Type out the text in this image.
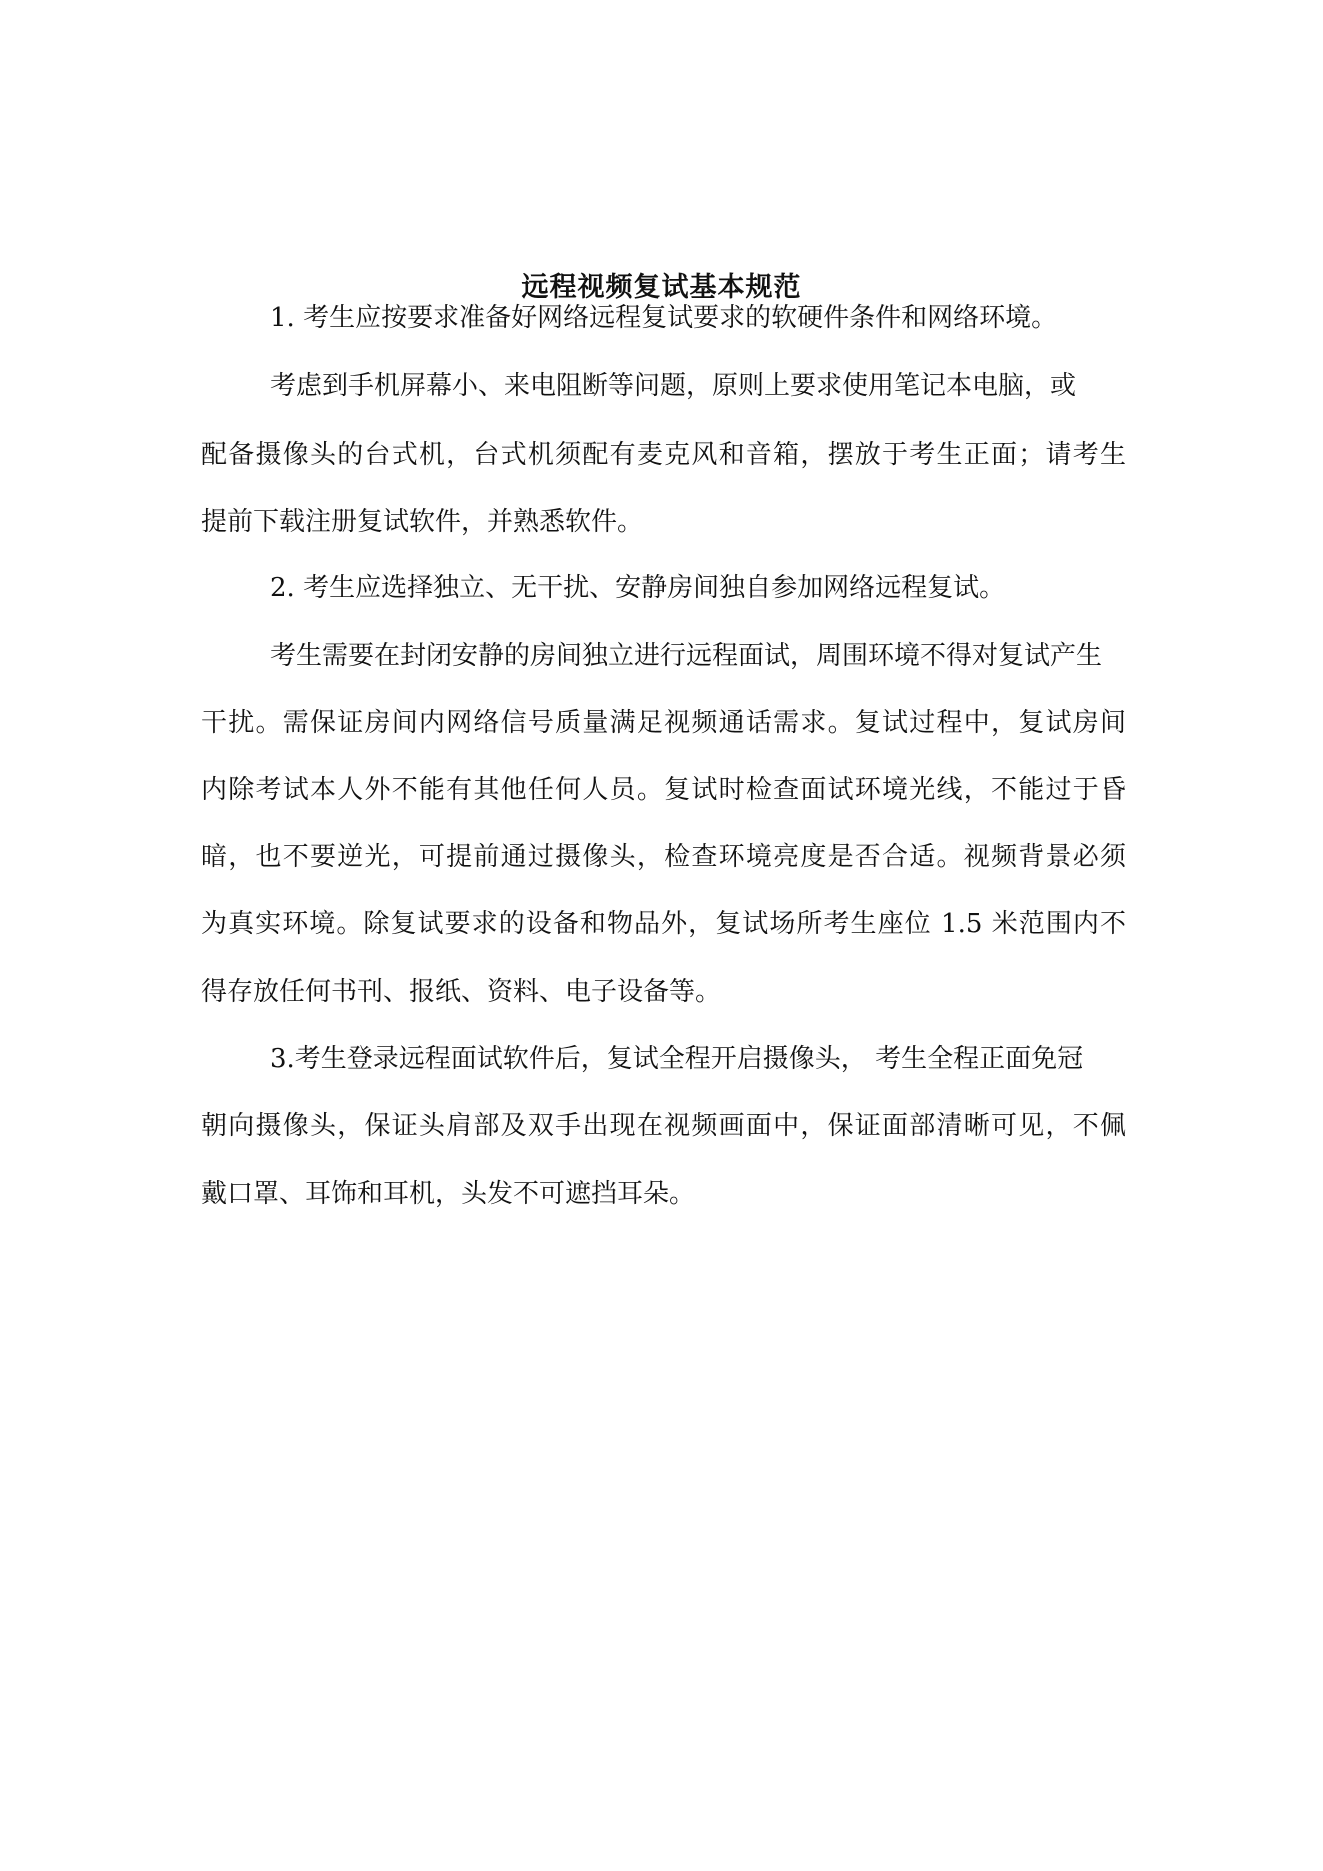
远程视频复试基本规范

1. 考生应按要求准备好网络远程复试要求的软硬件条件和网络环境。

考虑到手机屏幕小、来电阻断等问题，原则上要求使用笔记本电脑，或

配备摄像头的台式机，台式机须配有麦克风和音箱，摆放于考生正面；请考生

提前下载注册复试软件，并熟悉软件。

2. 考生应选择独立、无干扰、安静房间独自参加网络远程复试。

考生需要在封闭安静的房间独立进行远程面试，周围环境不得对复试产生

干扰。需保证房间内网络信号质量满足视频通话需求。复试过程中，复试房间

内除考试本人外不能有其他任何人员。复试时检查面试环境光线，不能过于昏

暗，也不要逆光，可提前通过摄像头，检查环境亮度是否合适。视频背景必须

为真实环境。除复试要求的设备和物品外，复试场所考生座位 1.5 米范围内不

得存放任何书刊、报纸、资料、电子设备等。

3.考生登录远程面试软件后，复试全程开启摄像头， 考生全程正面免冠

朝向摄像头，保证头肩部及双手出现在视频画面中，保证面部清晰可见，不佩

戴口罩、耳饰和耳机，头发不可遮挡耳朵。
